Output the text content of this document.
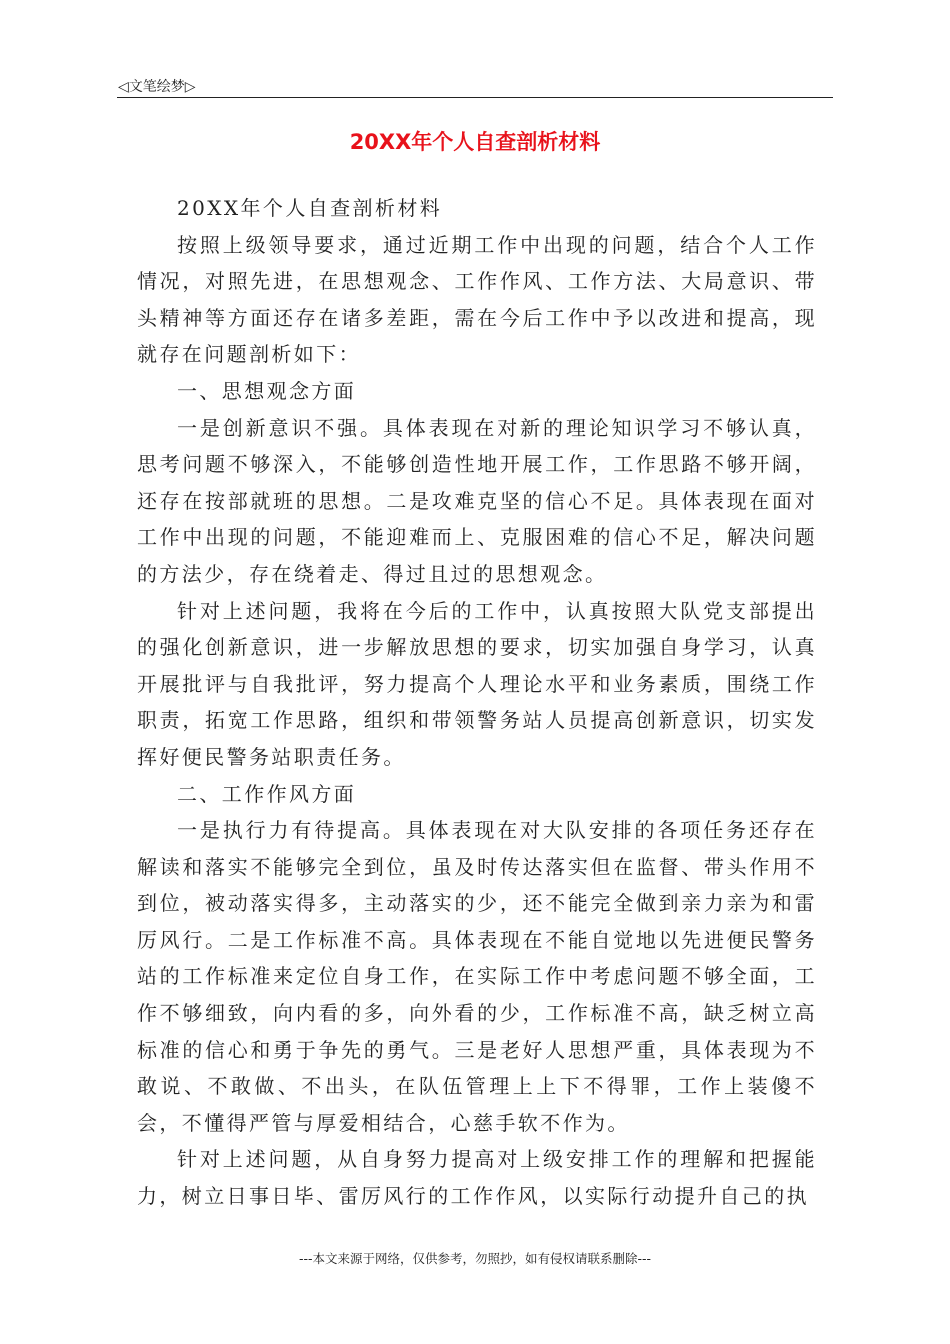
◁文笔绘梦▷
20XX年个人自查剖析材料

20XX年个人自查剖析材料

按照上级领导要求，通过近期工作中出现的问题，结合个人工作情况，对照先进，在思想观念、工作作风、工作方法、大局意识、带头精神等方面还存在诸多差距，需在今后工作中予以改进和提高，现就存在问题剖析如下：

一、思想观念方面

一是创新意识不强。具体表现在对新的理论知识学习不够认真，思考问题不够深入，不能够创造性地开展工作，工作思路不够开阔，还存在按部就班的思想。二是攻难克坚的信心不足。具体表现在面对工作中出现的问题，不能迎难而上、克服困难的信心不足，解决问题的方法少，存在绕着走、得过且过的思想观念。

针对上述问题，我将在今后的工作中，认真按照大队党支部提出的强化创新意识，进一步解放思想的要求，切实加强自身学习，认真开展批评与自我批评，努力提高个人理论水平和业务素质，围绕工作职责，拓宽工作思路，组织和带领警务站人员提高创新意识，切实发挥好便民警务站职责任务。

二、工作作风方面

一是执行力有待提高。具体表现在对大队安排的各项任务还存在解读和落实不能够完全到位，虽及时传达落实但在监督、带头作用不到位，被动落实得多，主动落实的少，还不能完全做到亲力亲为和雷厉风行。二是工作标准不高。具体表现在不能自觉地以先进便民警务站的工作标准来定位自身工作，在实际工作中考虑问题不够全面，工作不够细致，向内看的多，向外看的少，工作标准不高，缺乏树立高标准的信心和勇于争先的勇气。三是老好人思想严重，具体表现为不敢说、不敢做、不出头，在队伍管理上上下不得罪，工作上装傻不会，不懂得严管与厚爱相结合，心慈手软不作为。

针对上述问题，从自身努力提高对上级安排工作的理解和把握能力，树立日事日毕、雷厉风行的工作作风，以实际行动提升自己的执

---本文来源于网络，仅供参考，勿照抄，如有侵权请联系删除---
